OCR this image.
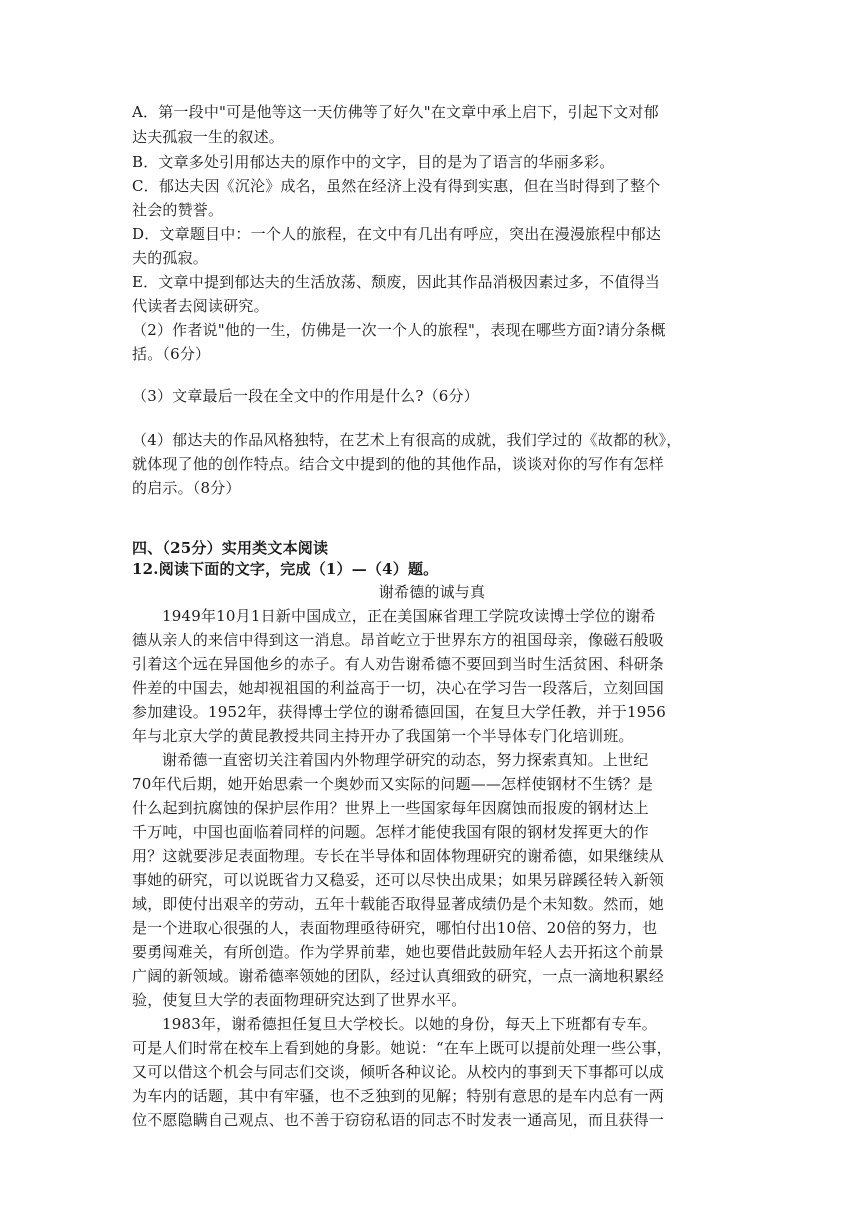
A．第一段中"可是他等这一天仿佛等了好久"在文章中承上启下，引起下文对郁
达夫孤寂一生的叙述。
B．文章多处引用郁达夫的原作中的文字，目的是为了语言的华丽多彩。
C．郁达夫因《沉沦》成名，虽然在经济上没有得到实惠，但在当时得到了整个
社会的赞誉。
D．文章题目中：一个人的旅程，在文中有几出有呼应，突出在漫漫旅程中郁达
夫的孤寂。
E．文章中提到郁达夫的生活放荡、颓废，因此其作品消极因素过多，不值得当
代读者去阅读研究。
（2）作者说"他的一生，仿佛是一次一个人的旅程"，表现在哪些方面?请分条概
括。（6分）
（3）文章最后一段在全文中的作用是什么?（6分）
（4）郁达夫的作品风格独特，在艺术上有很高的成就，我们学过的《故都的秋》，
就体现了他的创作特点。结合文中提到的他的其他作品，谈谈对你的写作有怎样
的启示。（8分）
四、（25分）实用类文本阅读
12.阅读下面的文字，完成（1）—（4）题。
谢希德的诚与真
1949年10月1日新中国成立，正在美国麻省理工学院攻读博士学位的谢希
德从亲人的来信中得到这一消息。昂首屹立于世界东方的祖国母亲，像磁石般吸
引着这个远在异国他乡的赤子。有人劝告谢希德不要回到当时生活贫困、科研条
件差的中国去，她却视祖国的利益高于一切，决心在学习告一段落后，立刻回国
参加建设。1952年，获得博士学位的谢希德回国，在复旦大学任教，并于1956
年与北京大学的黄昆教授共同主持开办了我国第一个半导体专门化培训班。
谢希德一直密切关注着国内外物理学研究的动态，努力探索真知。上世纪
70年代后期，她开始思索一个奥妙而又实际的问题——怎样使钢材不生锈？是
什么起到抗腐蚀的保护层作用？世界上一些国家每年因腐蚀而报废的钢材达上
千万吨，中国也面临着同样的问题。怎样才能使我国有限的钢材发挥更大的作
用？这就要涉足表面物理。专长在半导体和固体物理研究的谢希德，如果继续从
事她的研究，可以说既省力又稳妥，还可以尽快出成果；如果另辟蹊径转入新领
域，即使付出艰辛的劳动，五年十载能否取得显著成绩仍是个未知数。然而，她
是一个进取心很强的人，表面物理亟待研究，哪怕付出10倍、20倍的努力，也
要勇闯难关，有所创造。作为学界前辈，她也要借此鼓励年轻人去开拓这个前景
广阔的新领域。谢希德率领她的团队，经过认真细致的研究，一点一滴地积累经
验，使复旦大学的表面物理研究达到了世界水平。
1983年，谢希德担任复旦大学校长。以她的身份，每天上下班都有专车。
可是人们时常在校车上看到她的身影。她说：“在车上既可以提前处理一些公事，
又可以借这个机会与同志们交谈，倾听各种议论。从校内的事到天下事都可以成
为车内的话题，其中有牢骚，也不乏独到的见解；特别有意思的是车内总有一两
位不愿隐瞒自己观点、也不善于窃窃私语的同志不时发表一通高见，而且获得一
